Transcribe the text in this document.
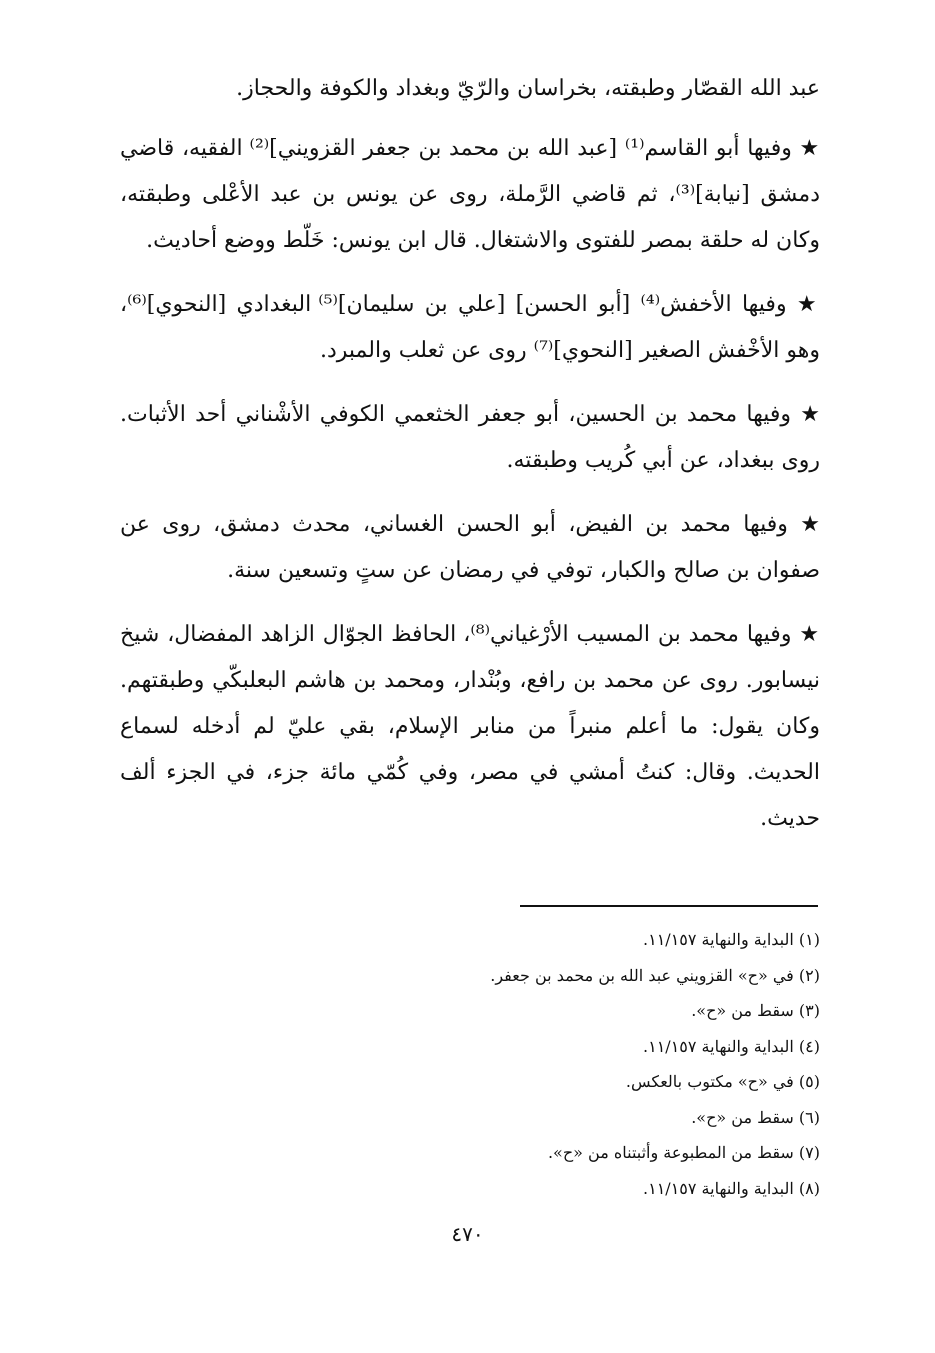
عبد الله القصّار وطبقته، بخراسان والرّيّ وبغداد والكوفة والحجاز.

★ وفيها أبو القاسم⁽¹⁾ [عبد الله بن محمد بن جعفر القزويني]⁽²⁾ الفقيه، قاضي دمشق [نيابة]⁽³⁾، ثم قاضي الرَّملة، روى عن يونس بن عبد الأعْلى وطبقته، وكان له حلقة بمصر للفتوى والاشتغال. قال ابن يونس: خَلّط ووضع أحاديث.

★ وفيها الأخفش⁽⁴⁾ [أبو الحسن] [علي بن سليمان]⁽⁵⁾ البغدادي [النحوي]⁽⁶⁾، وهو الأخْفش الصغير [النحوي]⁽⁷⁾ روى عن ثعلب والمبرد.

★ وفيها محمد بن الحسين، أبو جعفر الخثعمي الكوفي الأشْناني أحد الأثبات. روى ببغداد، عن أبي كُريب وطبقته.

★ وفيها محمد بن الفيض، أبو الحسن الغساني، محدث دمشق، روى عن صفوان بن صالح والكبار، توفي في رمضان عن ستٍ وتسعين سنة.

★ وفيها محمد بن المسيب الأرْغياني⁽⁸⁾، الحافظ الجوّال الزاهد المفضال، شيخ نيسابور. روى عن محمد بن رافع، وبُنْدار، ومحمد بن هاشم البعلبكّي وطبقتهم. وكان يقول: ما أعلم منبراً من منابر الإسلام، بقي عليّ لم أدخله لسماع الحديث. وقال: كنتُ أمشي في مصر، وفي كُمّي مائة جزء، في الجزء ألف حديث.

(١) البداية والنهاية ١١/١٥٧.
(٢) في «ح» القزويني عبد الله بن محمد بن جعفر.
(٣) سقط من «ح».
(٤) البداية والنهاية ١١/١٥٧.
(٥) في «ح» مكتوب بالعكس.
(٦) سقط من «ح».
(٧) سقط من المطبوعة وأثبتناه من «ح».
(٨) البداية والنهاية ١١/١٥٧.
٤٧٠
